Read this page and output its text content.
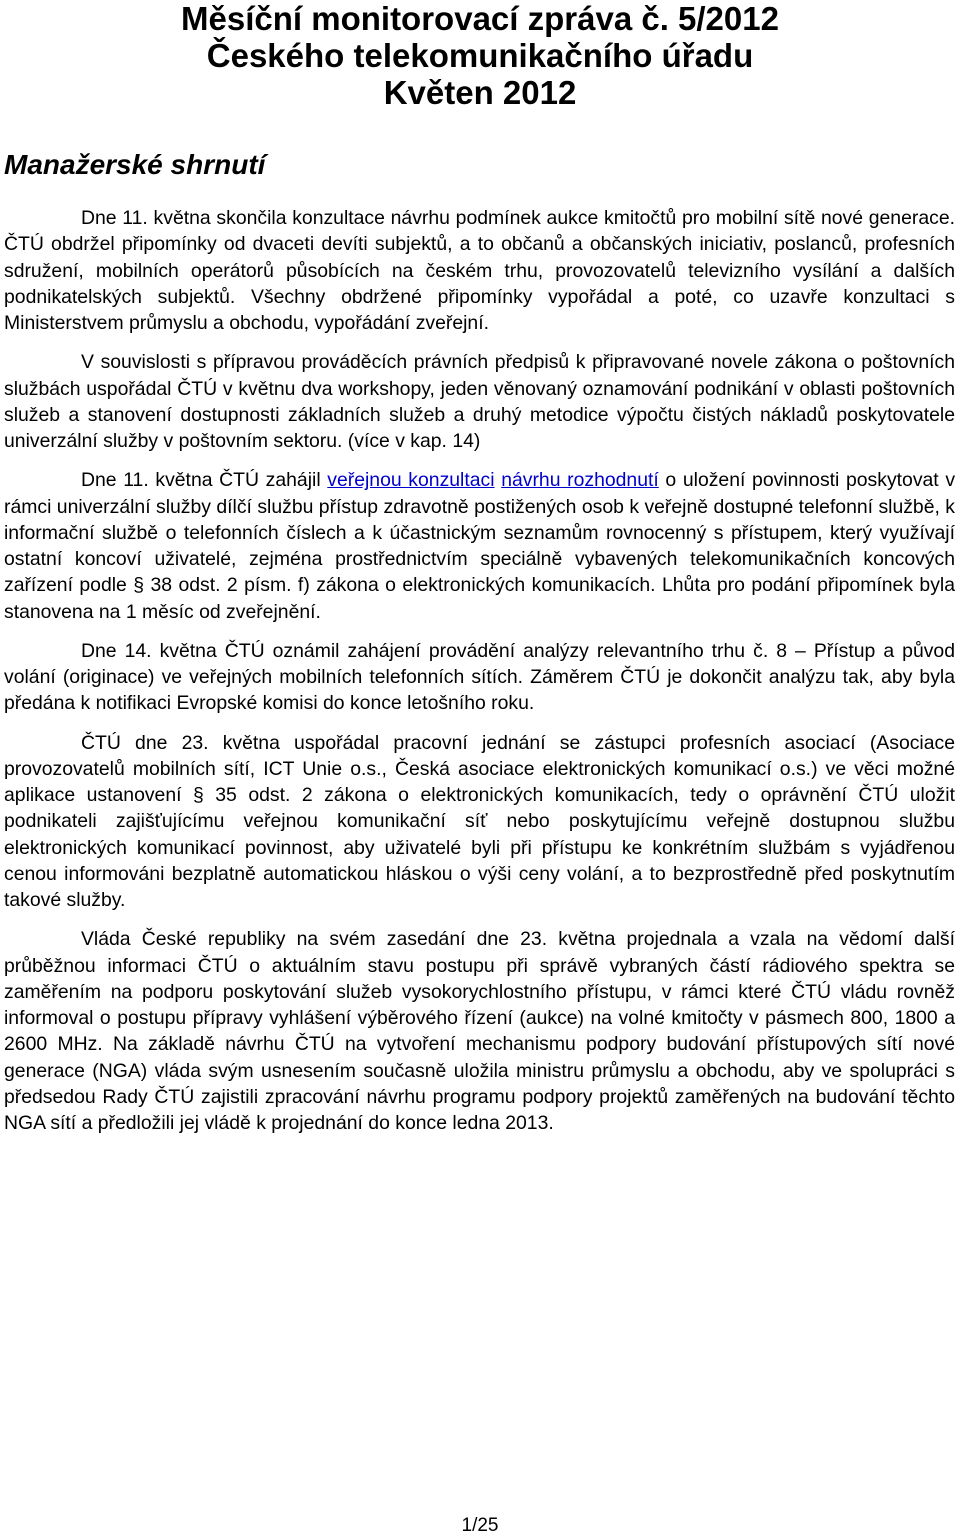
Měsíční monitorovací zpráva č. 5/2012
Českého telekomunikačního úřadu
Květen 2012
Manažerské shrnutí

Dne 11. května skončila konzultace návrhu podmínek aukce kmitočtů pro mobilní sítě nové generace. ČTÚ obdržel připomínky od dvaceti devíti subjektů, a to občanů a občanských iniciativ, poslanců, profesních sdružení, mobilních operátorů působících na českém trhu, provozovatelů televizního vysílání a dalších podnikatelských subjektů. Všechny obdržené připomínky vypořádal a poté, co uzavře konzultaci s Ministerstvem průmyslu a obchodu, vypořádání zveřejní.

V souvislosti s přípravou prováděcích právních předpisů k připravované novele zákona o poštovních službách uspořádal ČTÚ v květnu dva workshopy, jeden věnovaný oznamování podnikání v oblasti poštovních služeb a stanovení dostupnosti základních služeb a druhý metodice výpočtu čistých nákladů poskytovatele univerzální služby v poštovním sektoru. (více v kap. 14)

Dne 11. května ČTÚ zahájil veřejnou konzultaci návrhu rozhodnutí o uložení povinnosti poskytovat v rámci univerzální služby dílčí službu přístup zdravotně postižených osob k veřejně dostupné telefonní službě, k informační službě o telefonních číslech a k účastnickým seznamům rovnocenný s přístupem, který využívají ostatní koncoví uživatelé, zejména prostřednictvím speciálně vybavených telekomunikačních koncových zařízení podle § 38 odst. 2 písm. f) zákona o elektronických komunikacích. Lhůta pro podání připomínek byla stanovena na 1 měsíc od zveřejnění.

Dne 14. května ČTÚ oznámil zahájení provádění analýzy relevantního trhu č. 8 – Přístup a původ volání (originace) ve veřejných mobilních telefonních sítích. Záměrem ČTÚ je dokončit analýzu tak, aby byla předána k notifikaci Evropské komisi do konce letošního roku.

ČTÚ dne 23. května uspořádal pracovní jednání se zástupci profesních asociací (Asociace provozovatelů mobilních sítí, ICT Unie o.s., Česká asociace elektronických komunikací o.s.) ve věci možné aplikace ustanovení § 35 odst. 2 zákona o elektronických komunikacích, tedy o oprávnění ČTÚ uložit podnikateli zajišťujícímu veřejnou komunikační síť nebo poskytujícímu veřejně dostupnou službu elektronických komunikací povinnost, aby uživatelé byli při přístupu ke konkrétním službám s vyjádřenou cenou informováni bezplatně automatickou hláskou o výši ceny volání, a to bezprostředně před poskytnutím takové služby.

Vláda České republiky na svém zasedání dne 23. května projednala a vzala na vědomí další průběžnou informaci ČTÚ o aktuálním stavu postupu při správě vybraných částí rádiového spektra se zaměřením na podporu poskytování služeb vysokorychlostního přístupu, v rámci které ČTÚ vládu rovněž informoval o postupu přípravy vyhlášení výběrového řízení (aukce) na volné kmitočty v pásmech 800, 1800 a 2600 MHz. Na základě návrhu ČTÚ na vytvoření mechanismu podpory budování přístupových sítí nové generace (NGA) vláda svým usnesením současně uložila ministru průmyslu a obchodu, aby ve spolupráci s předsedou Rady ČTÚ zajistili zpracování návrhu programu podpory projektů zaměřených na budování těchto NGA sítí a předložili jej vládě k projednání do konce ledna 2013.

1/25
